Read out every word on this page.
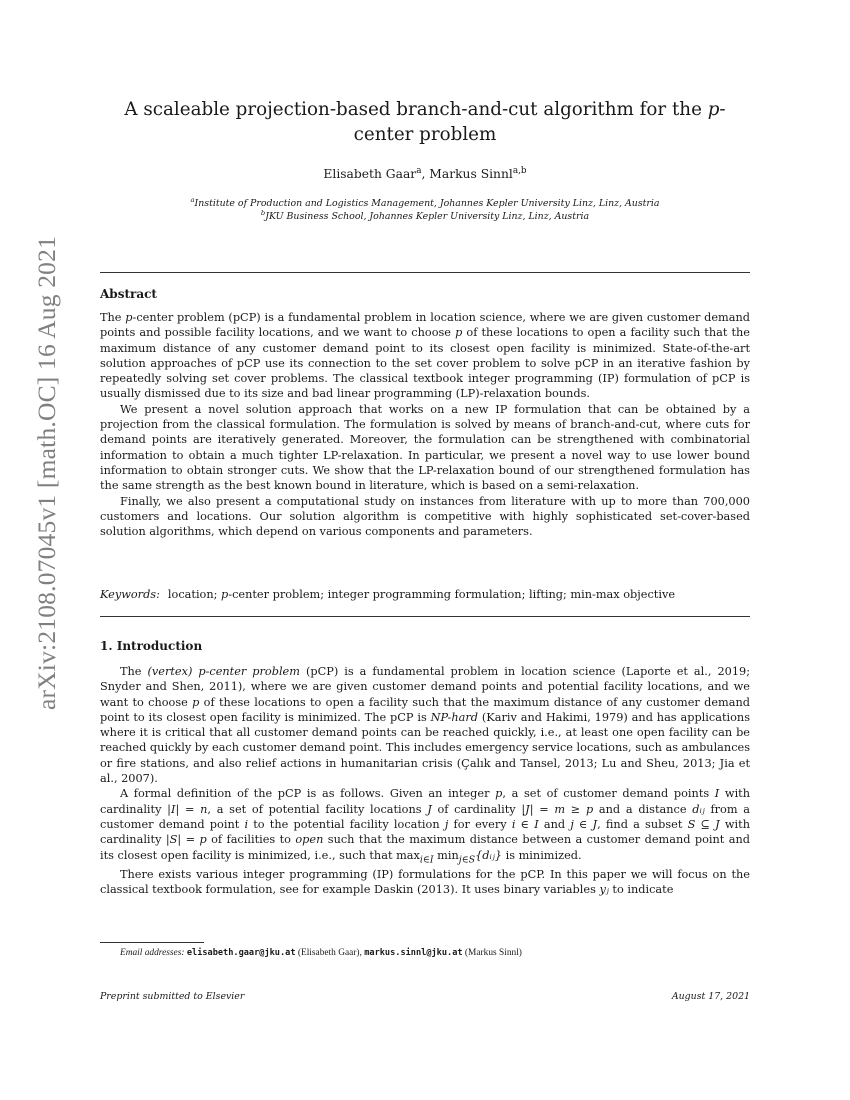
arXiv:2108.07045v1 [math.OC] 16 Aug 2021
A scaleable projection-based branch-and-cut algorithm for the p-center problem
Elisabeth Gaar$^a$, Markus Sinnl$^{a,b}$
$^a$Institute of Production and Logistics Management, Johannes Kepler University Linz, Linz, Austria
$^b$JKU Business School, Johannes Kepler University Linz, Linz, Austria
Abstract

The p-center problem (pCP) is a fundamental problem in location science, where we are given customer demand points and possible facility locations, and we want to choose p of these locations to open a facility such that the maximum distance of any customer demand point to its closest open facility is minimized. State-of-the-art solution approaches of pCP use its connection to the set cover problem to solve pCP in an iterative fashion by repeatedly solving set cover problems. The classical textbook integer programming (IP) formulation of pCP is usually dismissed due to its size and bad linear programming (LP)-relaxation bounds.

We present a novel solution approach that works on a new IP formulation that can be obtained by a projection from the classical formulation. The formulation is solved by means of branch-and-cut, where cuts for demand points are iteratively generated. Moreover, the formulation can be strengthened with combinatorial information to obtain a much tighter LP-relaxation. In particular, we present a novel way to use lower bound information to obtain stronger cuts. We show that the LP-relaxation bound of our strengthened formulation has the same strength as the best known bound in literature, which is based on a semi-relaxation.

Finally, we also present a computational study on instances from literature with up to more than 700,000 customers and locations. Our solution algorithm is competitive with highly sophisticated set-cover-based solution algorithms, which depend on various components and parameters.

Keywords: location; p-center problem; integer programming formulation; lifting; min-max objective
1. Introduction

The (vertex) p-center problem (pCP) is a fundamental problem in location science (Laporte et al., 2019; Snyder and Shen, 2011), where we are given customer demand points and potential facility locations, and we want to choose p of these locations to open a facility such that the maximum distance of any customer demand point to its closest open facility is minimized. The pCP is NP-hard (Kariv and Hakimi, 1979) and has applications where it is critical that all customer demand points can be reached quickly, i.e., at least one open facility can be reached quickly by each customer demand point. This includes emergency service locations, such as ambulances or fire stations, and also relief actions in humanitarian crisis (Çalık and Tansel, 2013; Lu and Sheu, 2013; Jia et al., 2007).

A formal definition of the pCP is as follows. Given an integer p, a set of customer demand points I with cardinality |I| = n, a set of potential facility locations J of cardinality |J| = m ≥ p and a distance dᵢⱼ from a customer demand point i to the potential facility location j for every i ∈ I and j ∈ J, find a subset S ⊆ J with cardinality |S| = p of facilities to open such that the maximum distance between a customer demand point and its closest open facility is minimized, i.e., such that $\max_{i\in I}$ $\min_{j\in S}\{dᵢⱼ\}$ is minimized.

There exists various integer programming (IP) formulations for the pCP. In this paper we will focus on the classical textbook formulation, see for example Daskin (2013). It uses binary variables yⱼ to indicate

Email addresses: elisabeth.gaar@jku.at (Elisabeth Gaar), markus.sinnl@jku.at (Markus Sinnl)
Preprint submitted to Elsevier	August 17, 2021
